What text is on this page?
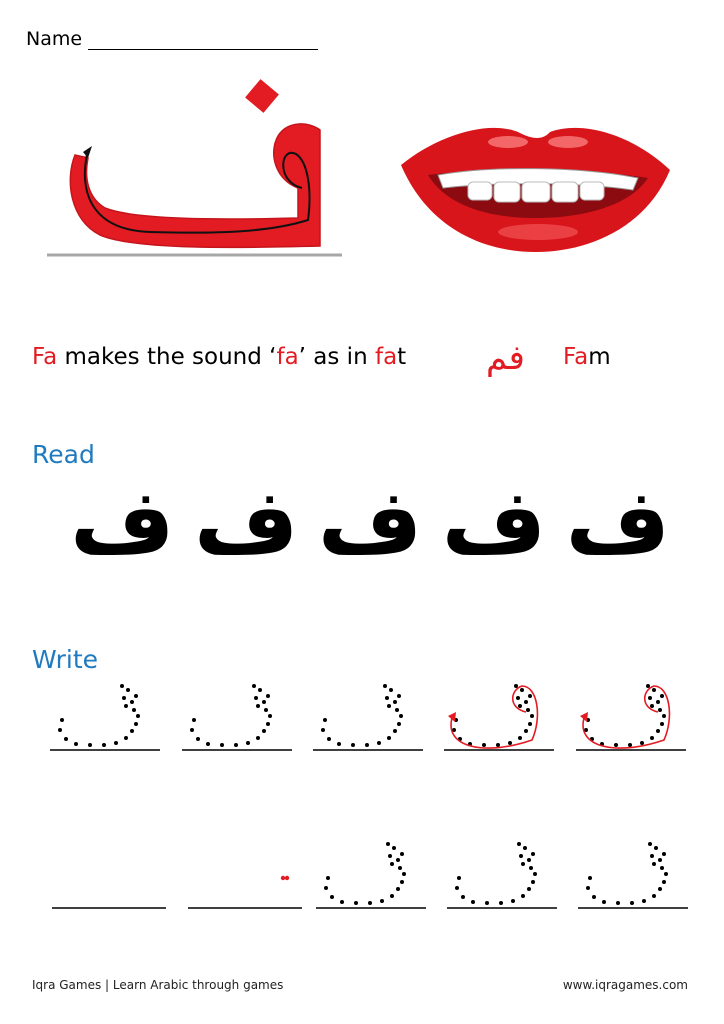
Name
Fa makes the sound ‘fa’ as in fat فم Fam
Read
ف
ف
ف
ف
ف
Write
Iqra Games | Learn Arabic through games	www.iqragames.com
